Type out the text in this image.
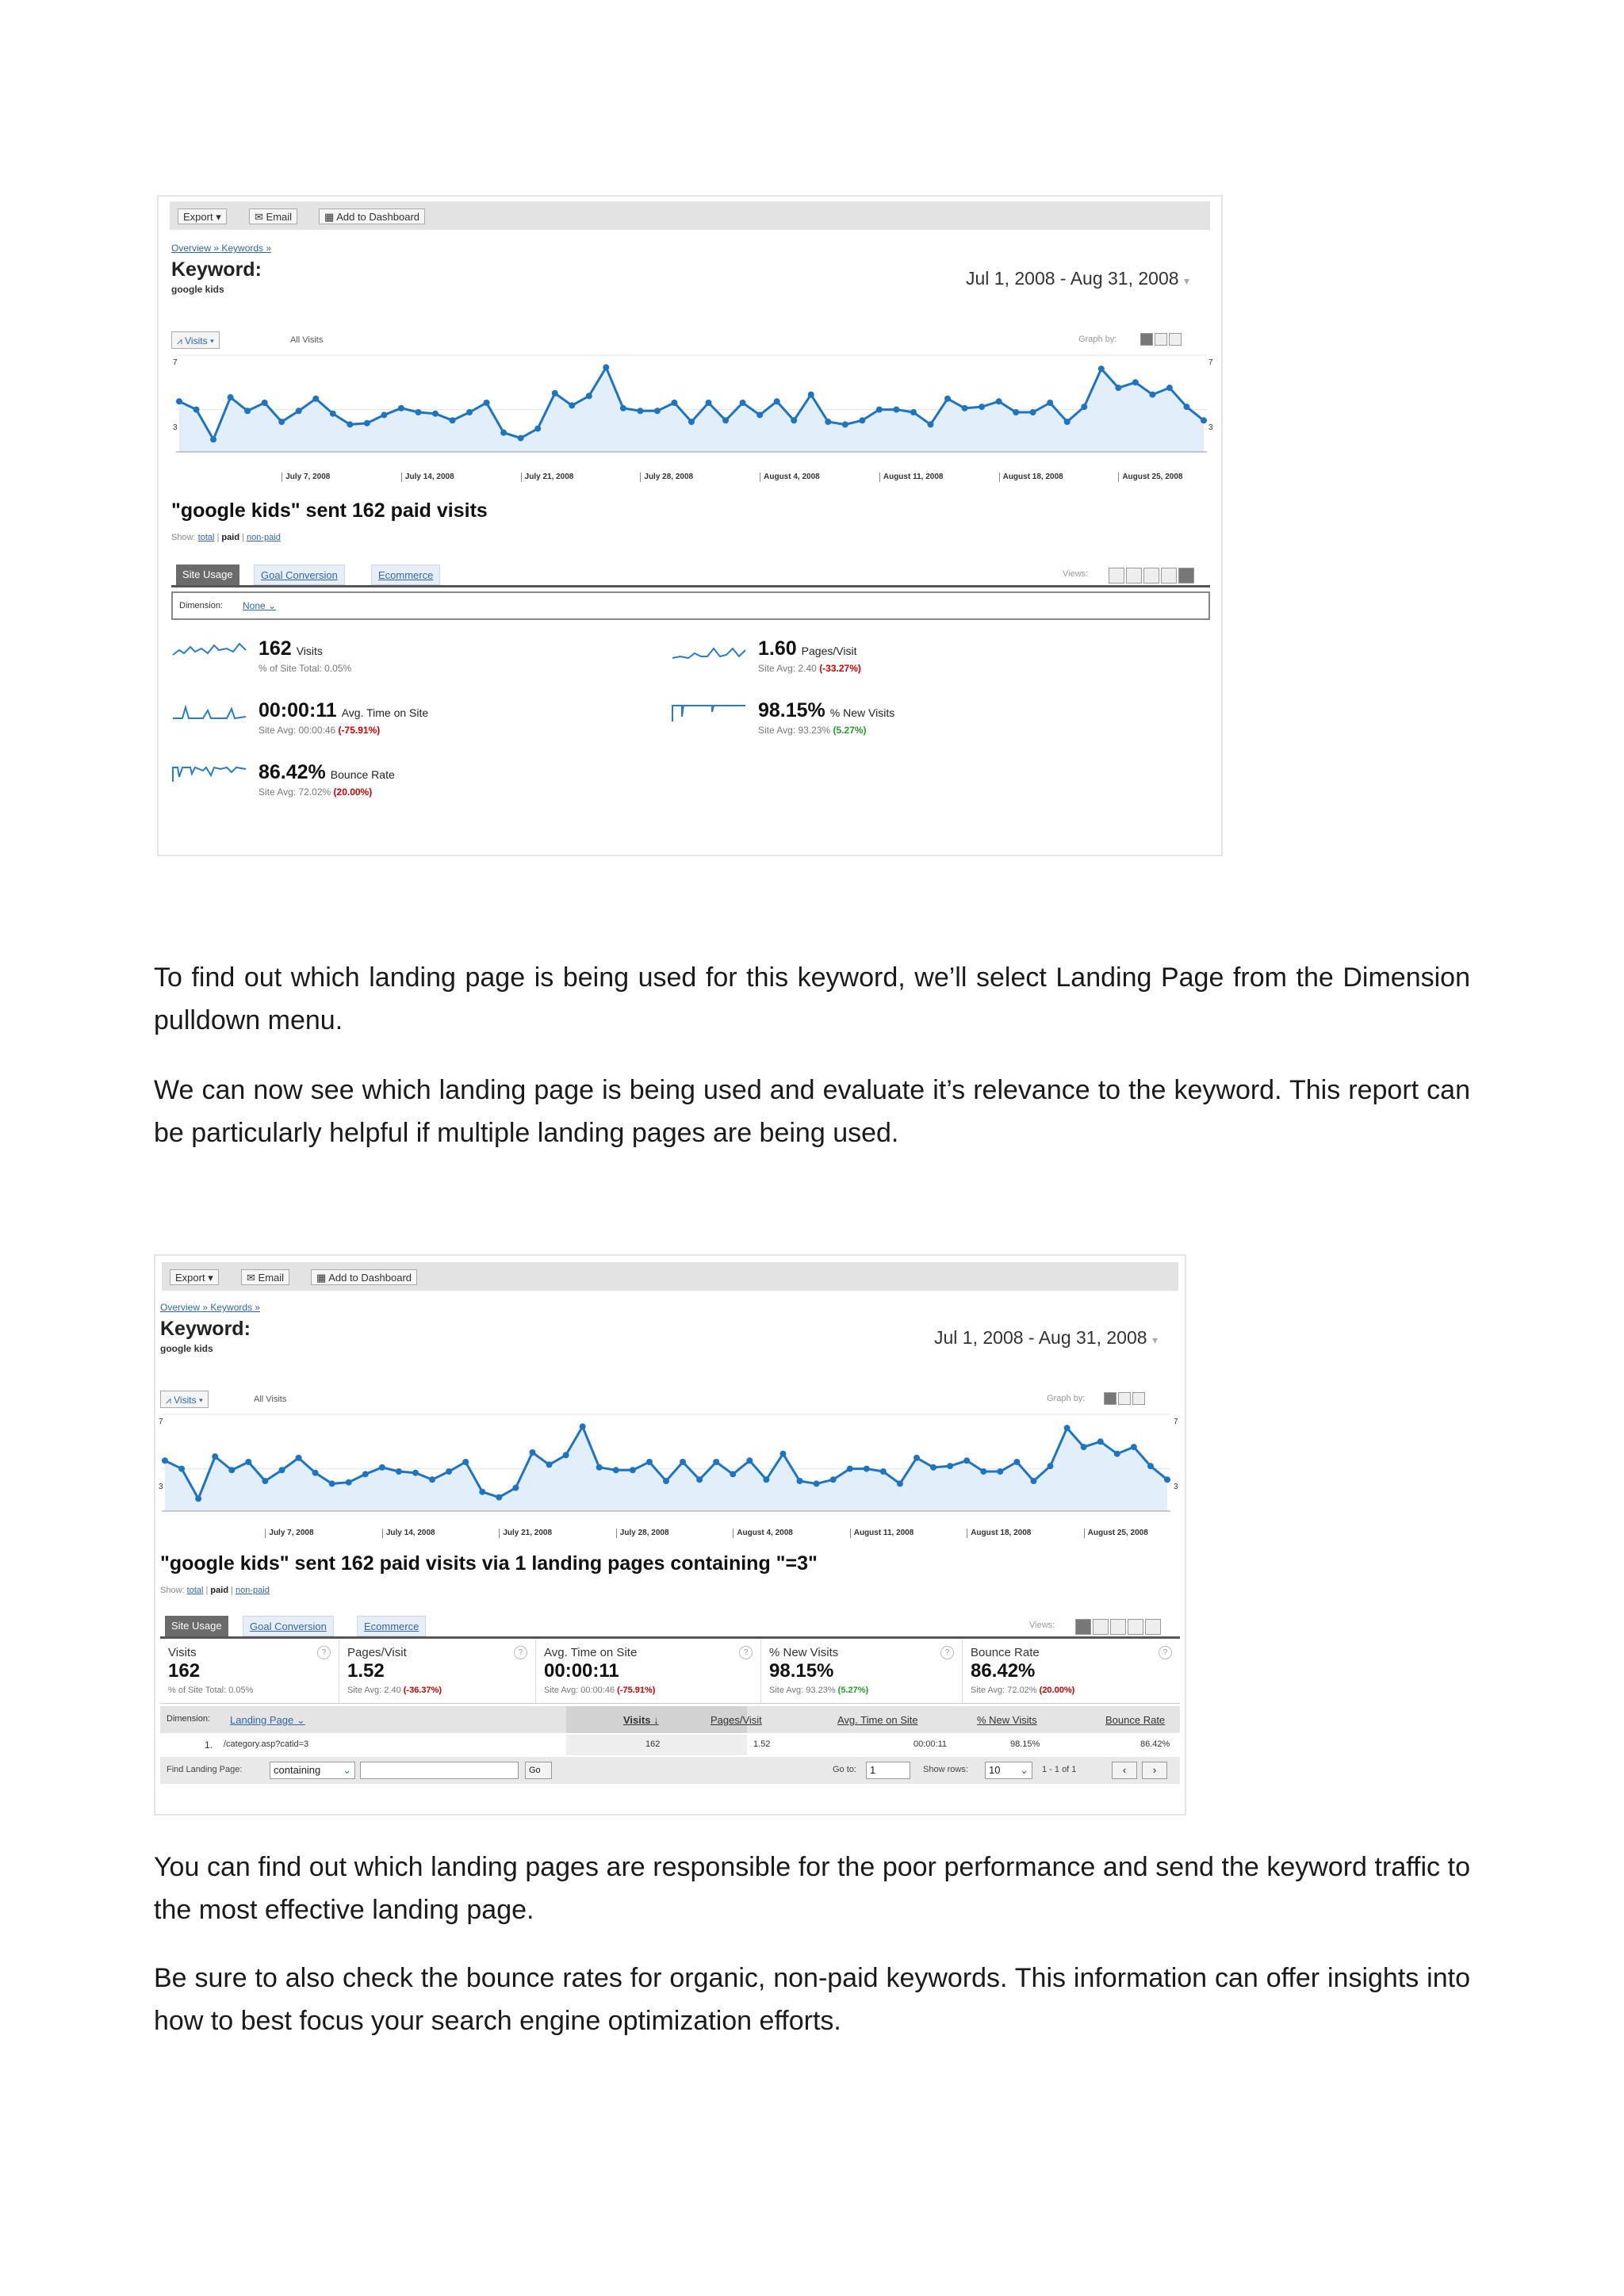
Export ▾	✉ Email	▦ Add to Dashboard
Overview » Keywords »
Keyword:
google kids
Jul 1, 2008 - Aug 31, 2008 ▾
⩘ Visits ▾	All Visits	Graph by:
7
3
7
3
July 7, 2008	July 14, 2008	July 21, 2008	July 28, 2008	August 4, 2008	August 11, 2008	August 18, 2008	August 25, 2008
"google kids" sent 162 paid visits
Show: total | paid | non-paid
Site Usage	Goal Conversion	Ecommerce	Views:
Dimension: None ⌄
162 Visits
% of Site Total: 0.05%
1.60 Pages/Visit
Site Avg: 2.40 (-33.27%)
00:00:11 Avg. Time on Site
Site Avg: 00:00:46 (-75.91%)
98.15% % New Visits
Site Avg: 93.23% (5.27%)
86.42% Bounce Rate
Site Avg: 72.02% (20.00%)
To find out which landing page is being used for this keyword, we’ll select Landing Page from the Dimension pulldown menu.
We can now see which landing page is being used and evaluate it’s relevance to the keyword. This report can be particularly helpful if multiple landing pages are being used.
Export ▾	✉ Email	▦ Add to Dashboard
Overview » Keywords »
Keyword:
google kids
Jul 1, 2008 - Aug 31, 2008 ▾
⩘ Visits ▾	All Visits	Graph by:
7
3
7
3
July 7, 2008	July 14, 2008	July 21, 2008	July 28, 2008	August 4, 2008	August 11, 2008	August 18, 2008	August 25, 2008
"google kids" sent 162 paid visits via 1 landing pages containing "=3"
Show: total | paid | non-paid
Site Usage	Goal Conversion	Ecommerce	Views:
Visits	?
162
% of Site Total: 0.05%
Pages/Visit	?
1.52
Site Avg: 2.40 (-36.37%)
Avg. Time on Site	?
00:00:11
Site Avg: 00:00:46 (-75.91%)
% New Visits	?
98.15%
Site Avg: 93.23% (5.27%)
Bounce Rate	?
86.42%
Site Avg: 72.02% (20.00%)
Dimension: Landing Page ⌄	Visits ↓	Pages/Visit	Avg. Time on Site	% New Visits	Bounce Rate
1. /category.asp?catid=3	162	1.52	00:00:11	98.15%	86.42%
Find Landing Page:	containing ⌄	Go	Go to:	1	Show rows:	10 ⌄ 1 - 1 of 1	‹	›
You can find out which landing pages are responsible for the poor performance and send the keyword traffic to the most effective landing page.
Be sure to also check the bounce rates for organic, non-paid keywords. This information can offer insights into how to best focus your search engine optimization efforts.
